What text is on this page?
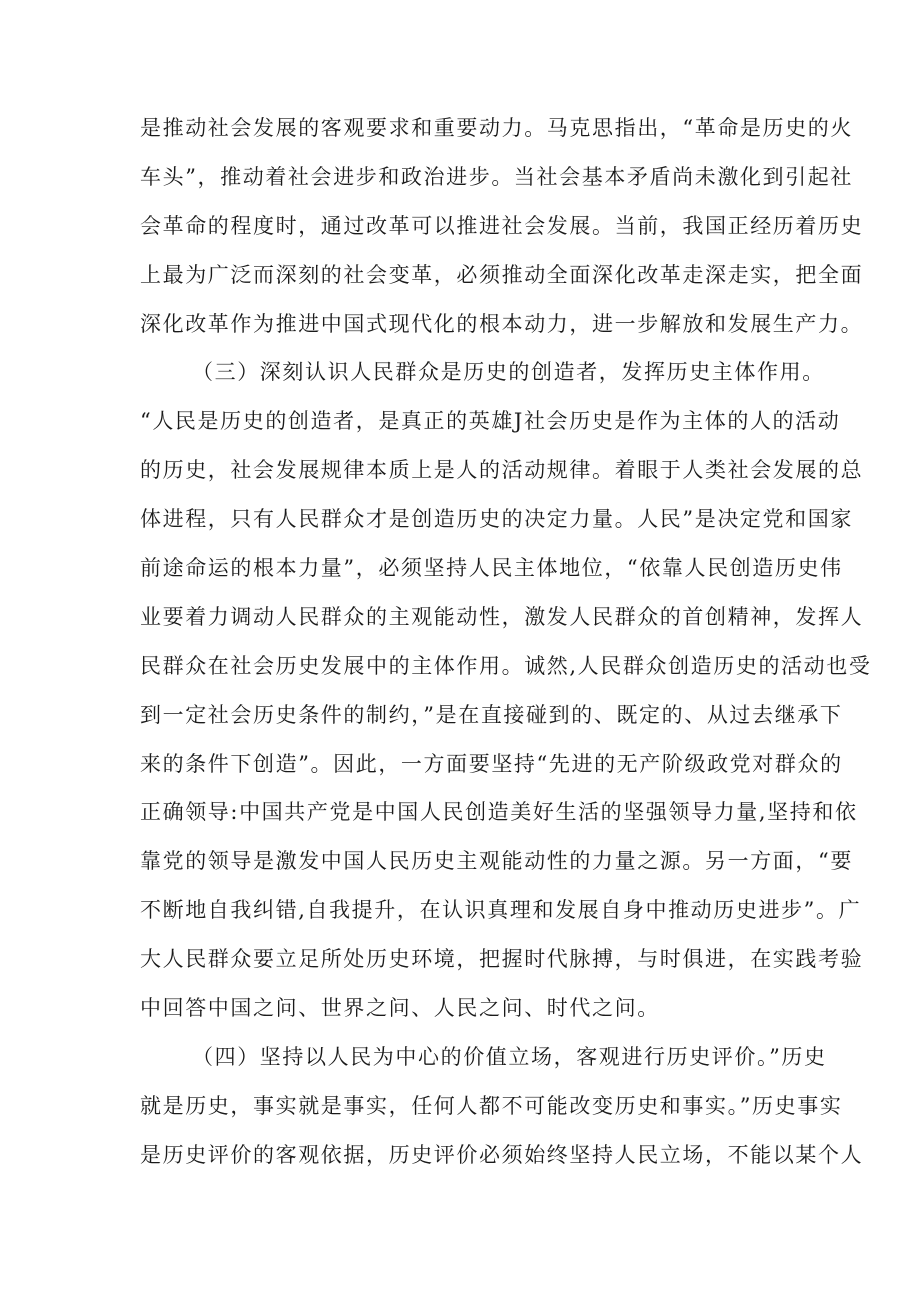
是推动社会发展的客观要求和重要动力。马克思指出，“革命是历史的火
车头”，推动着社会进步和政治进步。当社会基本矛盾尚未激化到引起社
会革命的程度时，通过改革可以推进社会发展。当前，我国正经历着历史
上最为广泛而深刻的社会变革，必须推动全面深化改革走深走实，把全面
深化改革作为推进中国式现代化的根本动力，进一步解放和发展生产力。
（三）深刻认识人民群众是历史的创造者，发挥历史主体作用。
“人民是历史的创造者，是真正的英雄J社会历史是作为主体的人的活动
的历史，社会发展规律本质上是人的活动规律。着眼于人类社会发展的总
体进程，只有人民群众才是创造历史的决定力量。人民”是决定党和国家
前途命运的根本力量”，必须坚持人民主体地位，“依靠人民创造历史伟
业要着力调动人民群众的主观能动性，激发人民群众的首创精神，发挥人
民群众在社会历史发展中的主体作用。诚然,人民群众创造历史的活动也受
到一定社会历史条件的制约，”是在直接碰到的、既定的、从过去继承下
来的条件下创造”。因此，一方面要坚持“先进的无产阶级政党对群众的
正确领导:中国共产党是中国人民创造美好生活的坚强领导力量,坚持和依
靠党的领导是激发中国人民历史主观能动性的力量之源。另一方面，“要
不断地自我纠错,自我提升，在认识真理和发展自身中推动历史进步”。广
大人民群众要立足所处历史环境，把握时代脉搏，与时俱进，在实践考验
中回答中国之问、世界之问、人民之问、时代之问。
（四）坚持以人民为中心的价值立场，客观进行历史评价。”历史
就是历史，事实就是事实，任何人都不可能改变历史和事实。”历史事实
是历史评价的客观依据，历史评价必须始终坚持人民立场，不能以某个人
